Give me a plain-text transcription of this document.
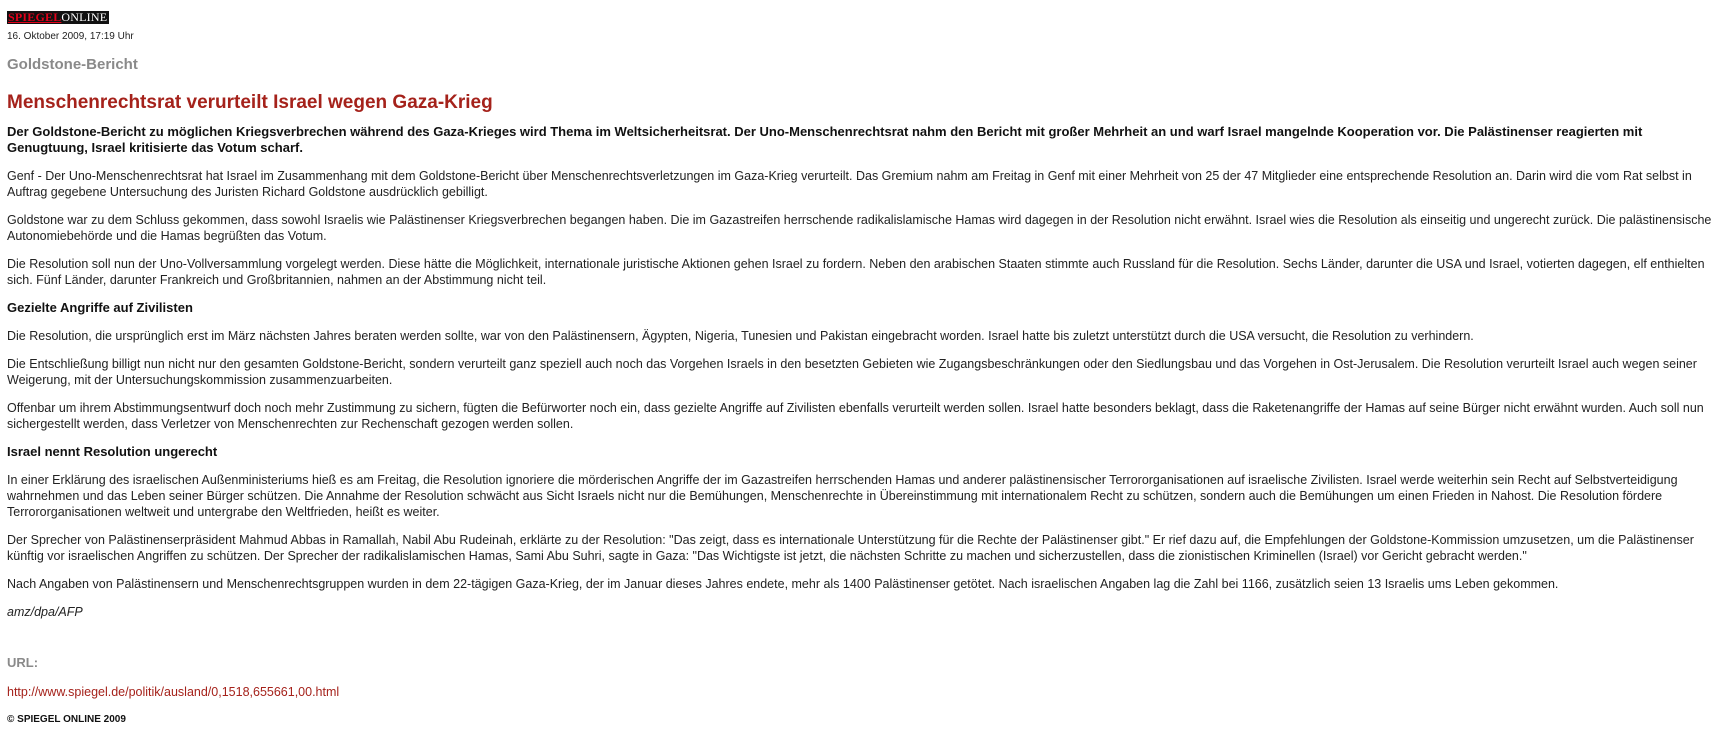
SPIEGELONLINE
16. Oktober 2009, 17:19 Uhr
Goldstone-Bericht
Menschenrechtsrat verurteilt Israel wegen Gaza-Krieg
Der Goldstone-Bericht zu möglichen Kriegsverbrechen während des Gaza-Krieges wird Thema im Weltsicherheitsrat. Der Uno-Menschenrechtsrat nahm den Bericht mit großer Mehrheit an und warf Israel mangelnde Kooperation vor. Die Palästinenser reagierten mit Genugtuung, Israel kritisierte das Votum scharf.

Genf - Der Uno-Menschenrechtsrat hat Israel im Zusammenhang mit dem Goldstone-Bericht über Menschenrechtsverletzungen im Gaza-Krieg verurteilt. Das Gremium nahm am Freitag in Genf mit einer Mehrheit von 25 der 47 Mitglieder eine entsprechende Resolution an. Darin wird die vom Rat selbst in Auftrag gegebene Untersuchung des Juristen Richard Goldstone ausdrücklich gebilligt.

Goldstone war zu dem Schluss gekommen, dass sowohl Israelis wie Palästinenser Kriegsverbrechen begangen haben. Die im Gazastreifen herrschende radikalislamische Hamas wird dagegen in der Resolution nicht erwähnt. Israel wies die Resolution als einseitig und ungerecht zurück. Die palästinensische Autonomiebehörde und die Hamas begrüßten das Votum.

Die Resolution soll nun der Uno-Vollversammlung vorgelegt werden. Diese hätte die Möglichkeit, internationale juristische Aktionen gehen Israel zu fordern. Neben den arabischen Staaten stimmte auch Russland für die Resolution. Sechs Länder, darunter die USA und Israel, votierten dagegen, elf enthielten sich. Fünf Länder, darunter Frankreich und Großbritannien, nahmen an der Abstimmung nicht teil.

Gezielte Angriffe auf Zivilisten

Die Resolution, die ursprünglich erst im März nächsten Jahres beraten werden sollte, war von den Palästinensern, Ägypten, Nigeria, Tunesien und Pakistan eingebracht worden. Israel hatte bis zuletzt unterstützt durch die USA versucht, die Resolution zu verhindern.

Die Entschließung billigt nun nicht nur den gesamten Goldstone-Bericht, sondern verurteilt ganz speziell auch noch das Vorgehen Israels in den besetzten Gebieten wie Zugangsbeschränkungen oder den Siedlungsbau und das Vorgehen in Ost-Jerusalem. Die Resolution verurteilt Israel auch wegen seiner Weigerung, mit der Untersuchungskommission zusammenzuarbeiten.

Offenbar um ihrem Abstimmungsentwurf doch noch mehr Zustimmung zu sichern, fügten die Befürworter noch ein, dass gezielte Angriffe auf Zivilisten ebenfalls verurteilt werden sollen. Israel hatte besonders beklagt, dass die Raketenangriffe der Hamas auf seine Bürger nicht erwähnt wurden. Auch soll nun sichergestellt werden, dass Verletzer von Menschenrechten zur Rechenschaft gezogen werden sollen.

Israel nennt Resolution ungerecht

In einer Erklärung des israelischen Außenministeriums hieß es am Freitag, die Resolution ignoriere die mörderischen Angriffe der im Gazastreifen herrschenden Hamas und anderer palästinensischer Terrororganisationen auf israelische Zivilisten. Israel werde weiterhin sein Recht auf Selbstverteidigung wahrnehmen und das Leben seiner Bürger schützen. Die Annahme der Resolution schwächt aus Sicht Israels nicht nur die Bemühungen, Menschenrechte in Übereinstimmung mit internationalem Recht zu schützen, sondern auch die Bemühungen um einen Frieden in Nahost. Die Resolution fördere Terrororganisationen weltweit und untergrabe den Weltfrieden, heißt es weiter.

Der Sprecher von Palästinenserpräsident Mahmud Abbas in Ramallah, Nabil Abu Rudeinah, erklärte zu der Resolution: "Das zeigt, dass es internationale Unterstützung für die Rechte der Palästinenser gibt." Er rief dazu auf, die Empfehlungen der Goldstone-Kommission umzusetzen, um die Palästinenser künftig vor israelischen Angriffen zu schützen. Der Sprecher der radikalislamischen Hamas, Sami Abu Suhri, sagte in Gaza: "Das Wichtigste ist jetzt, die nächsten Schritte zu machen und sicherzustellen, dass die zionistischen Kriminellen (Israel) vor Gericht gebracht werden."

Nach Angaben von Palästinensern und Menschenrechtsgruppen wurden in dem 22-tägigen Gaza-Krieg, der im Januar dieses Jahres endete, mehr als 1400 Palästinenser getötet. Nach israelischen Angaben lag die Zahl bei 1166, zusätzlich seien 13 Israelis ums Leben gekommen.

amz/dpa/AFP
URL:
http://www.spiegel.de/politik/ausland/0,1518,655661,00.html
© SPIEGEL ONLINE 2009
